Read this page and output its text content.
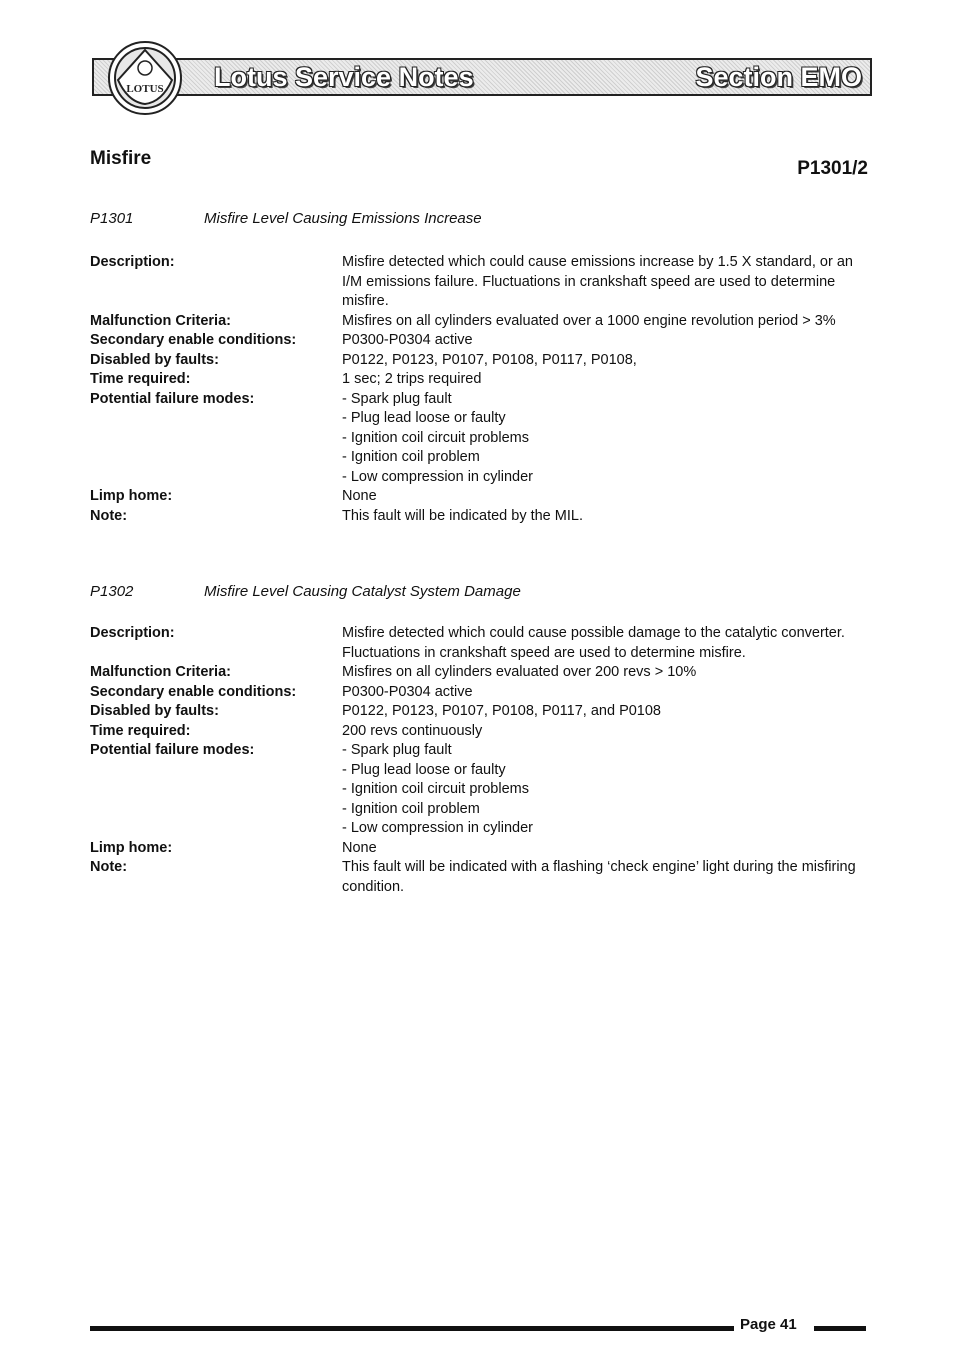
Lotus Service Notes	Section EMO
LOTUS
Misfire	P1301/2
P1301	Misfire Level Causing Emissions Increase
Description:	Misfire detected which could cause emissions increase by 1.5 X standard, or an I/M emissions failure. Fluctuations in crankshaft speed are used to determine misfire.
Malfunction Criteria:	Misfires on all cylinders evaluated over a 1000 engine revolution period > 3%
Secondary enable conditions:	P0300-P0304 active
Disabled by faults:	P0122, P0123, P0107, P0108, P0117, P0108,
Time required:	1 sec; 2 trips required
Potential failure modes:	- Spark plug fault
- Plug lead loose or faulty
- Ignition coil circuit problems
- Ignition coil problem
- Low compression in cylinder
Limp home:	None
Note:	This fault will be indicated by the MIL.
P1302	Misfire Level Causing Catalyst System Damage
Description:	Misfire detected which could cause possible damage to the catalytic converter. Fluctuations in crankshaft speed are used to determine misfire.
Malfunction Criteria:	Misfires on all cylinders evaluated over 200 revs > 10%
Secondary enable conditions:	P0300-P0304 active
Disabled by faults:	P0122, P0123, P0107, P0108, P0117, and P0108
Time required:	200 revs continuously
Potential failure modes:	- Spark plug fault
- Plug lead loose or faulty
- Ignition coil circuit problems
- Ignition coil problem
- Low compression in cylinder
Limp home:	None
Note:	This fault will be indicated with a flashing ‘check engine’ light during the misfiring condition.
Page 41
